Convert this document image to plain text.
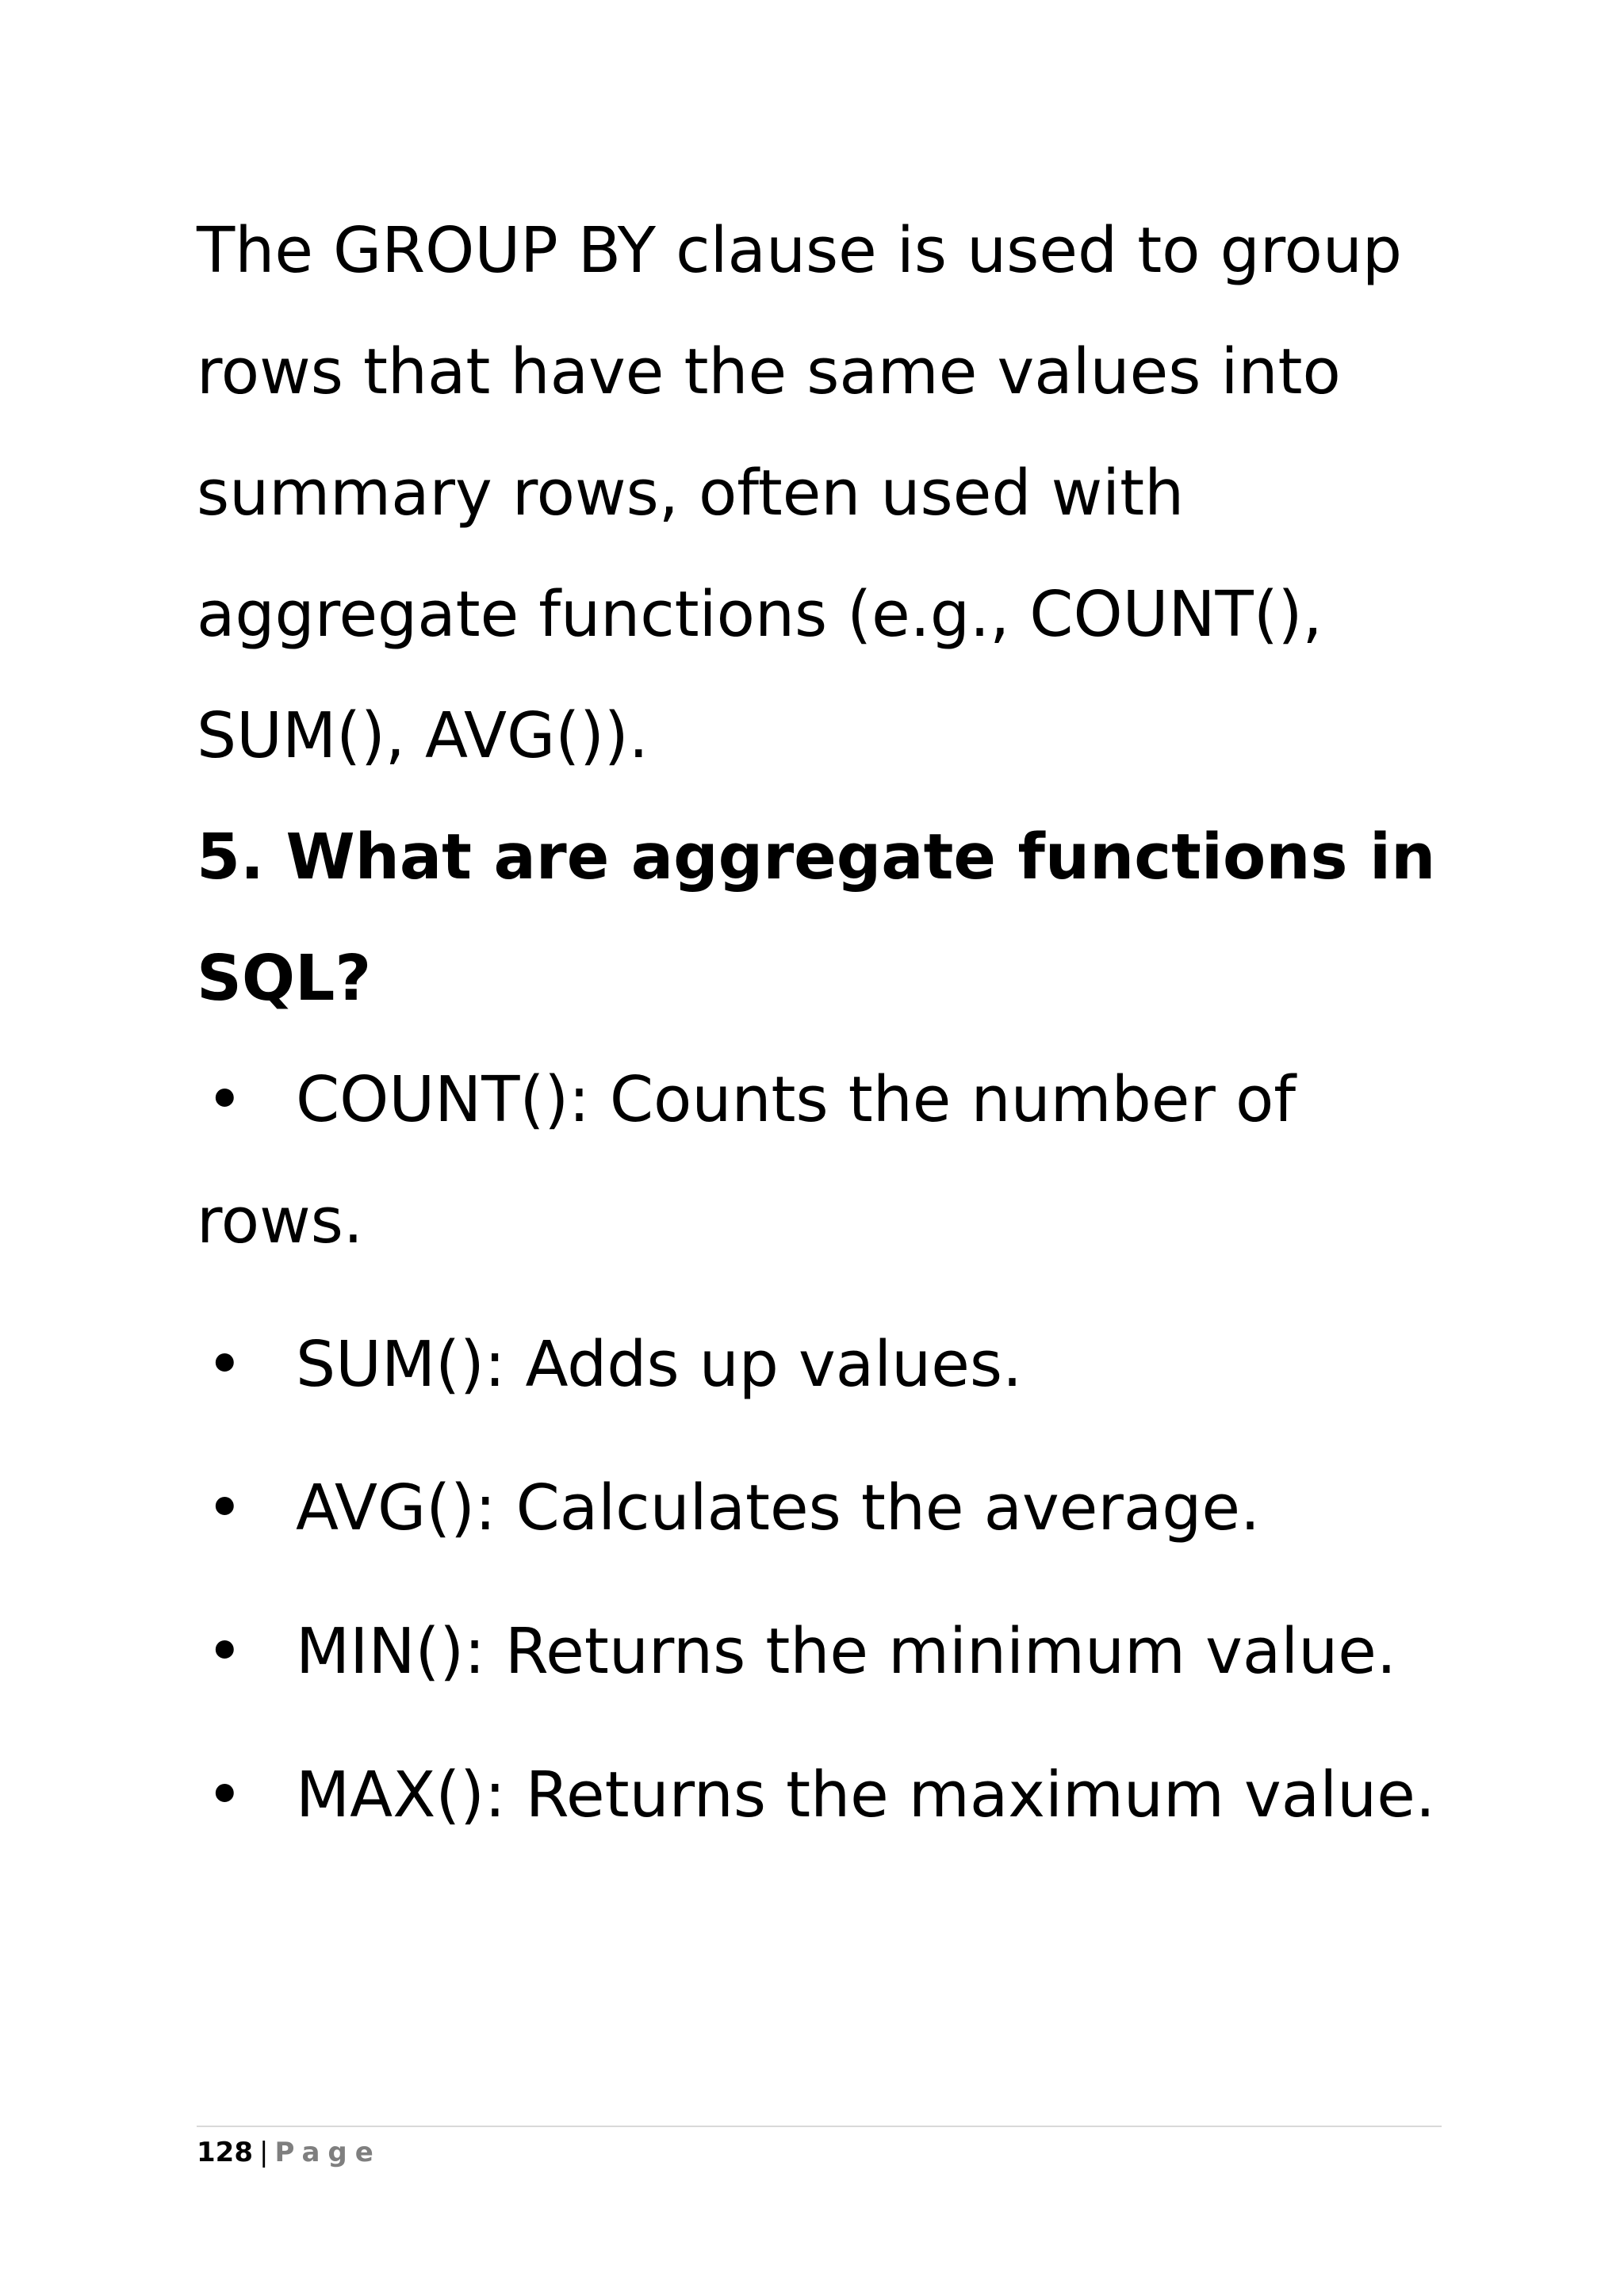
The GROUP BY clause is used to group
rows that have the same values into
summary rows, often used with
aggregate functions (e.g., COUNT(),
SUM(), AVG()).

5. What are aggregate functions in
SQL?
• COUNT(): Counts the number of
rows.
• SUM(): Adds up values.
• AVG(): Calculates the average.
• MIN(): Returns the minimum value.
• MAX(): Returns the maximum value.
128 | Page
